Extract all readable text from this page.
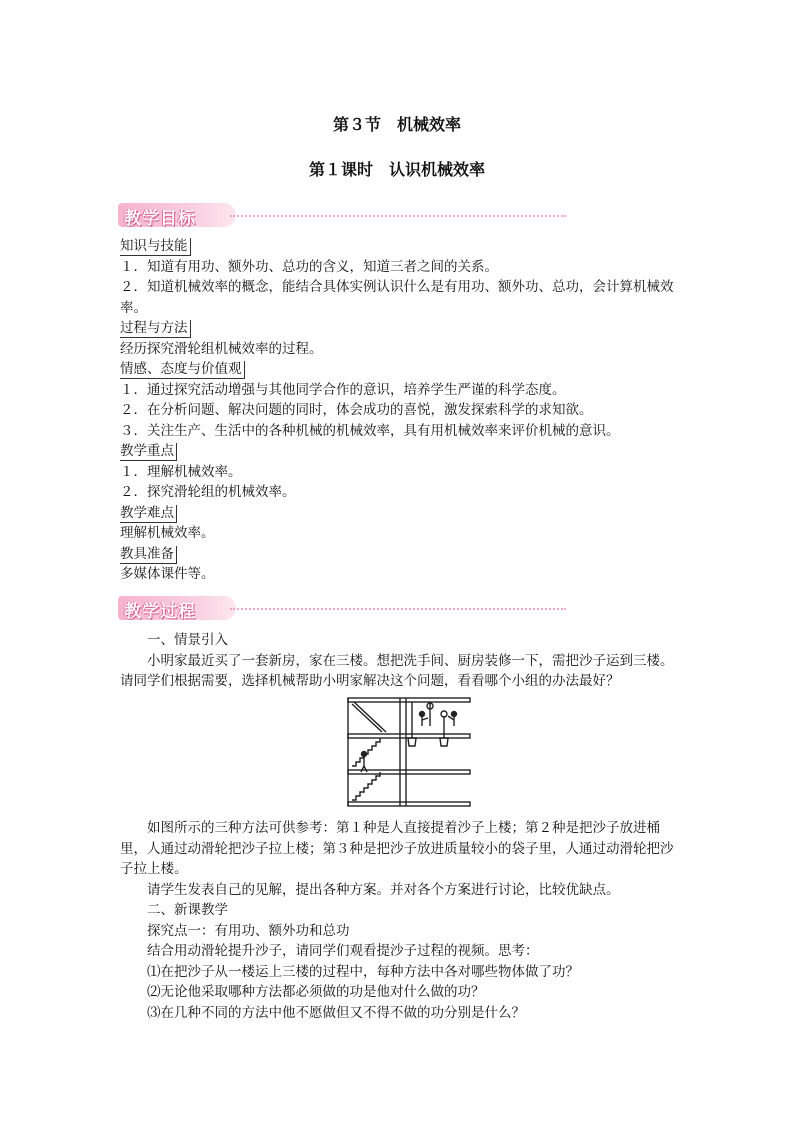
第３节　机械效率
第１课时　认识机械效率
教学目标
知识与技能
１．知道有用功、额外功、总功的含义，知道三者之间的关系。
２．知道机械效率的概念，能结合具体实例认识什么是有用功、额外功、总功，会计算机械效率。
过程与方法
经历探究滑轮组机械效率的过程。
情感、态度与价值观
１．通过探究活动增强与其他同学合作的意识，培养学生严谨的科学态度。
２．在分析问题、解决问题的同时，体会成功的喜悦，激发探索科学的求知欲。
３．关注生产、生活中的各种机械的机械效率，具有用机械效率来评价机械的意识。
教学重点
１．理解机械效率。
２．探究滑轮组的机械效率。
教学难点
理解机械效率。
教具准备
多媒体课件等。
教学过程
一、情景引入
小明家最近买了一套新房，家在三楼。想把洗手间、厨房装修一下，需把沙子运到三楼。请同学们根据需要，选择机械帮助小明家解决这个问题，看看哪个小组的办法最好？
如图所示的三种方法可供参考：第１种是人直接提着沙子上楼；第２种是把沙子放进桶里，人通过动滑轮把沙子拉上楼；第３种是把沙子放进质量较小的袋子里，人通过动滑轮把沙子拉上楼。
请学生发表自己的见解，提出各种方案。并对各个方案进行讨论，比较优缺点。
二、新课教学
探究点一：有用功、额外功和总功
结合用动滑轮提升沙子，请同学们观看提沙子过程的视频。思考：
⑴在把沙子从一楼运上三楼的过程中，每种方法中各对哪些物体做了功？
⑵无论他采取哪种方法都必须做的功是他对什么做的功？
⑶在几种不同的方法中他不愿做但又不得不做的功分别是什么？
